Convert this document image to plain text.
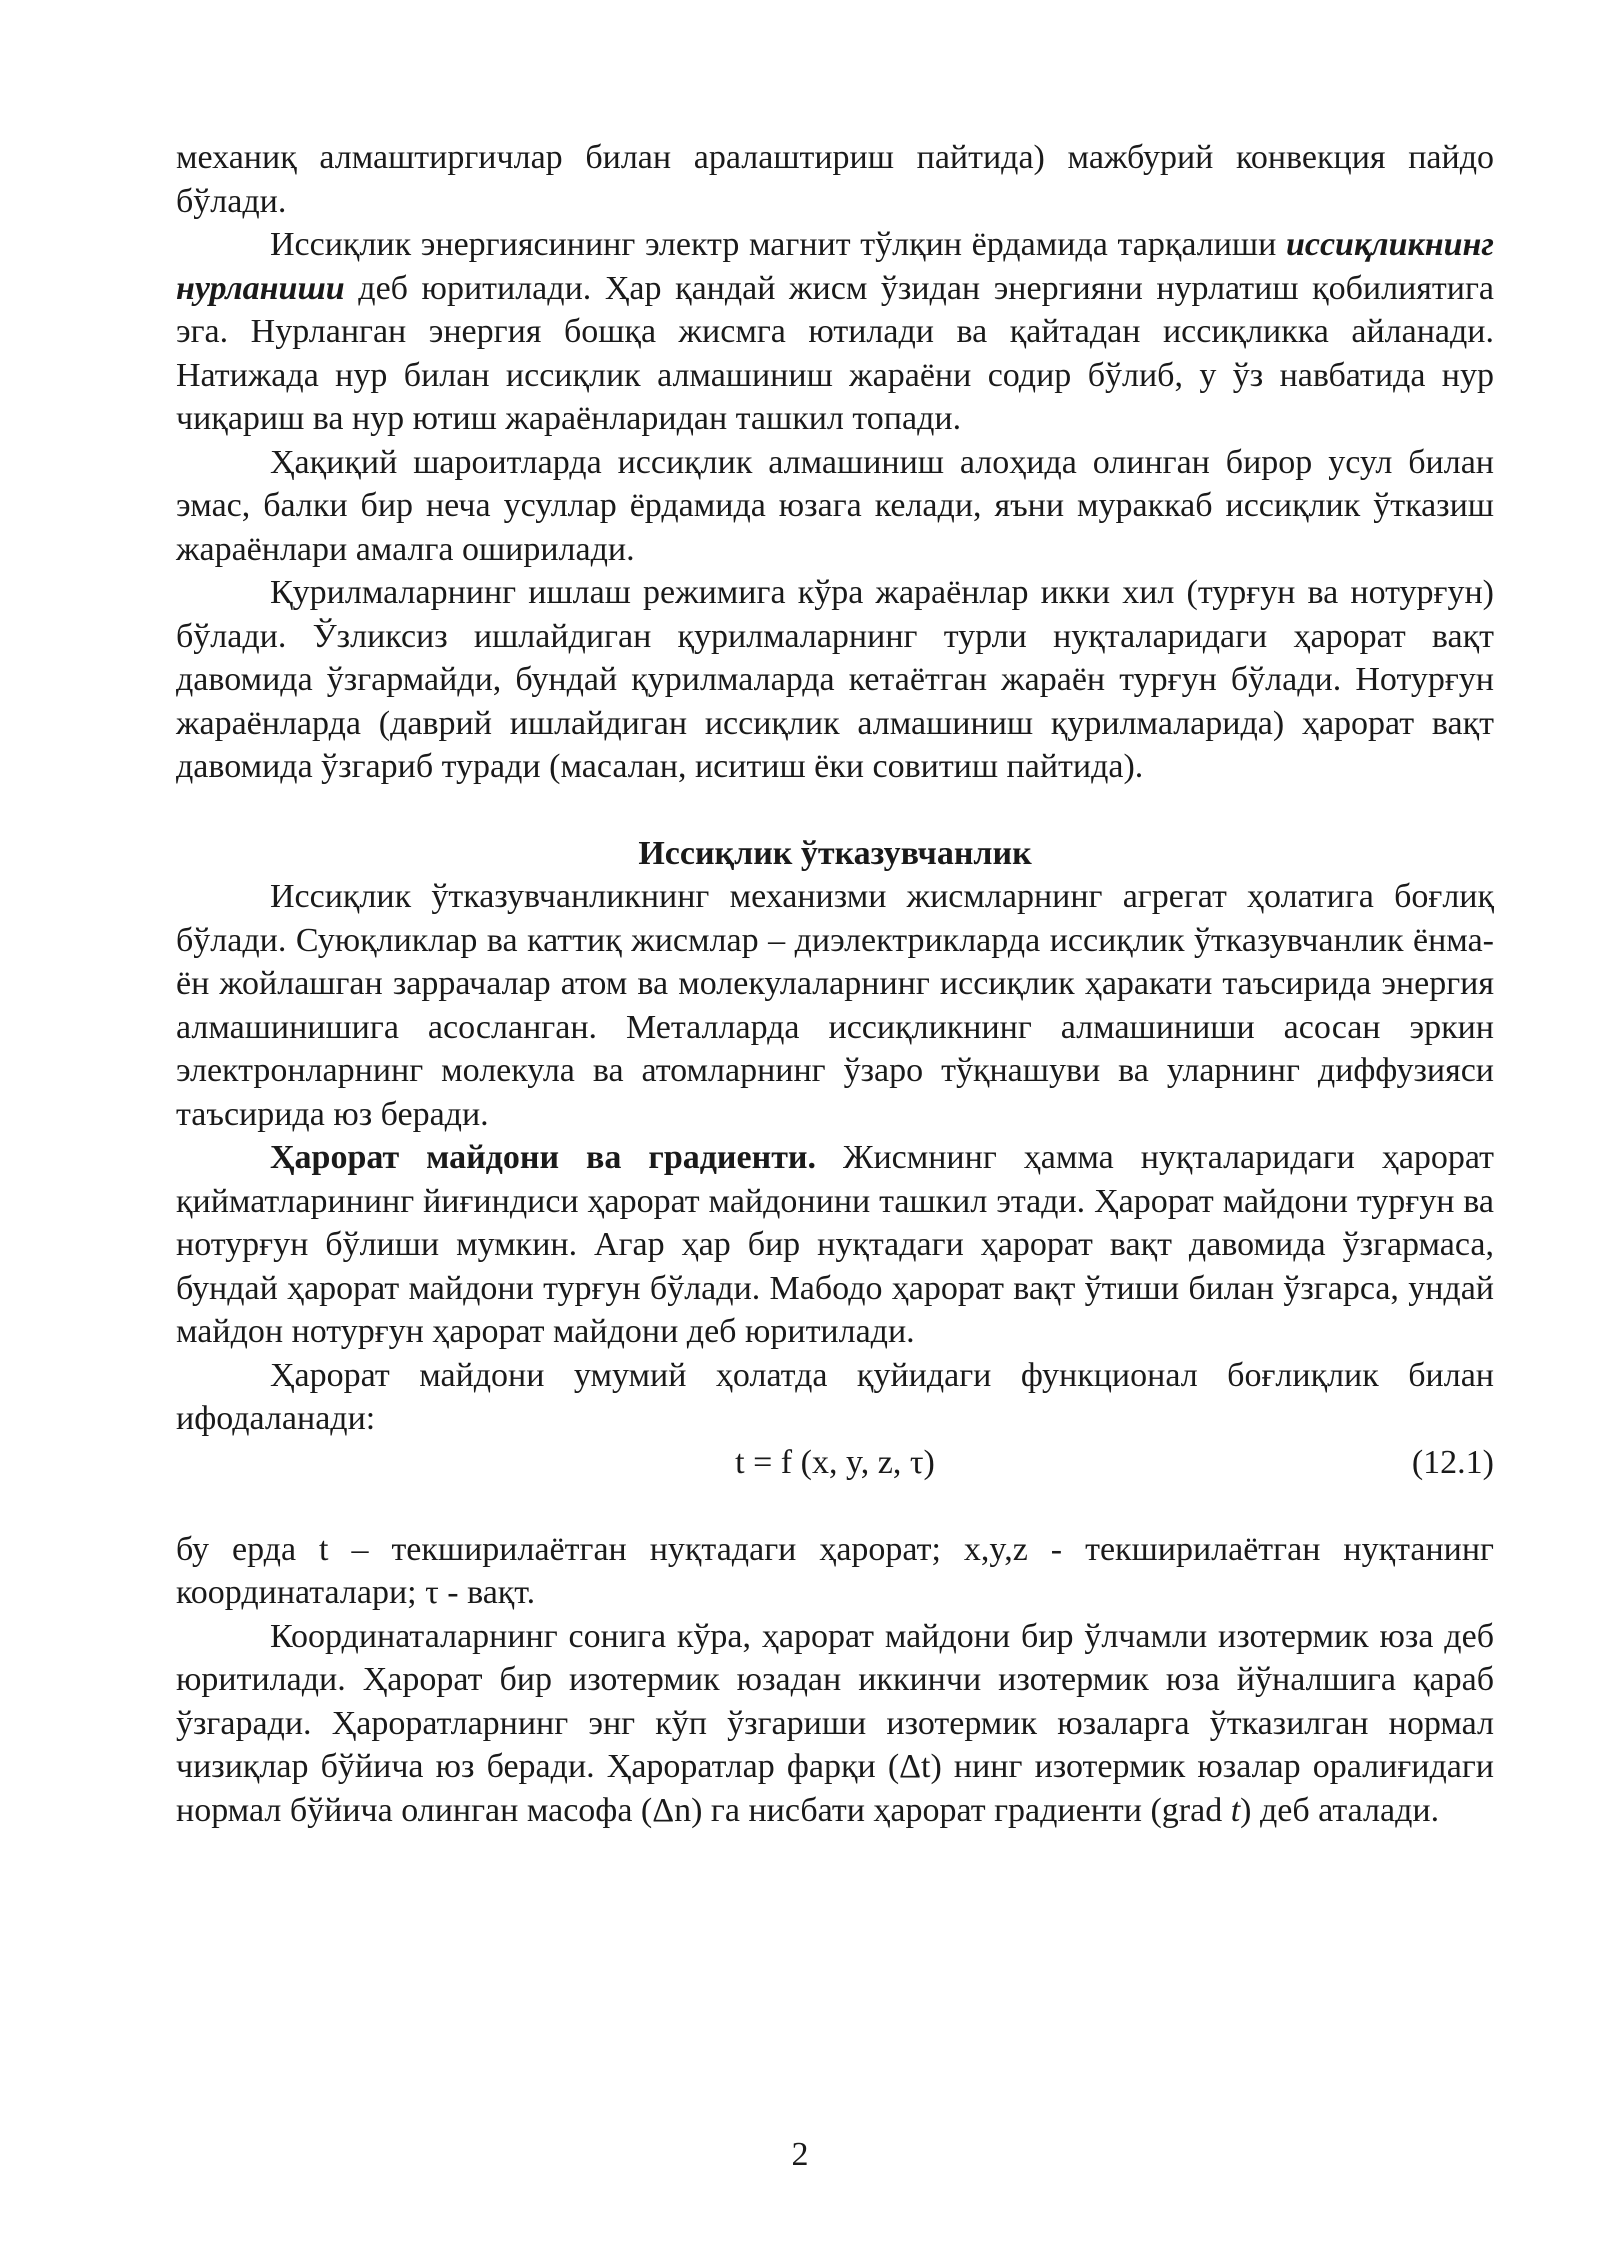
механиқ алмаштиргичлар билан аралаштириш пайтида) мажбурий конвекция пайдо бўлади.

Иссиқлик энергиясининг электр магнит тўлқин ёрдамида тарқалиши иссиқликнинг нурланиши деб юритилади. Ҳар қандай жисм ўзидан энергияни нурлатиш қобилиятига эга. Нурланган энергия бошқа жисмга ютилади ва қайтадан иссиқликка айланади. Натижада нур билан иссиқлик алмашиниш жараёни содир бўлиб, у ўз навбатида нур чиқариш ва нур ютиш жараёнларидан ташкил топади.

Ҳақиқий шароитларда иссиқлик алмашиниш алоҳида олинган бирор усул билан эмас, балки бир неча усуллар ёрдамида юзага келади, яъни мураккаб иссиқлик ўтказиш жараёнлари амалга оширилади.

Қурилмаларнинг ишлаш режимига кўра жараёнлар икки хил (турғун ва нотурғун) бўлади. Ўзликсиз ишлайдиган қурилмаларнинг турли нуқталаридаги ҳарорат вақт давомида ўзгармайди, бундай қурилмаларда кетаётган жараён турғун бўлади. Нотурғун жараёнларда (даврий ишлайдиган иссиқлик алмашиниш қурилмаларида) ҳарорат вақт давомида ўзгариб туради (масалан, иситиш ёки совитиш пайтида).

Иссиқлик ўтказувчанлик

Иссиқлик ўтказувчанликнинг механизми жисмларнинг агрегат ҳолатига боғлиқ бўлади. Суюқликлар ва каттиқ жисмлар – диэлектрикларда иссиқлик ўтказувчанлик ёнма-ён жойлашган заррачалар атом ва молекулаларнинг иссиқлик ҳаракати таъсирида энергия алмашинишига асосланган. Металларда иссиқликнинг алмашиниши асосан эркин электронларнинг молекула ва атомларнинг ўзаро тўқнашуви ва уларнинг диффузияси таъсирида юз беради.

Ҳарорат майдони ва градиенти. Жисмнинг ҳамма нуқталаридаги ҳарорат қийматларининг йиғиндиси ҳарорат майдонини ташкил этади. Ҳарорат майдони турғун ва нотурғун бўлиши мумкин. Агар ҳар бир нуқтадаги ҳарорат вақт давомида ўзгармаса, бундай ҳарорат майдони турғун бўлади. Мабодо ҳарорат вақт ўтиши билан ўзгарса, ундай майдон нотурғун ҳарорат майдони деб юритилади.

Ҳарорат майдони умумий ҳолатда қуйидаги функционал боғлиқлик билан ифодаланади:

t = f (x, y, z, τ)	(12.1)

бу ерда t – текширилаётган нуқтадаги ҳарорат; x,y,z - текширилаётган нуқтанинг координаталари; τ - вақт.

Координаталарнинг сонига кўра, ҳарорат майдони бир ўлчамли изотермик юза деб юритилади. Ҳарорат бир изотермик юзадан иккинчи изотермик юза йўналшига қараб ўзгаради. Ҳароратларнинг энг кўп ўзгариши изотермик юзаларга ўтказилган нормал чизиқлар бўйича юз беради. Ҳароратлар фарқи (Δt) нинг изотермик юзалар оралиғидаги нормал бўйича олинган масофа (Δn) га нисбати ҳарорат градиенти (grad t) деб аталади.

2
